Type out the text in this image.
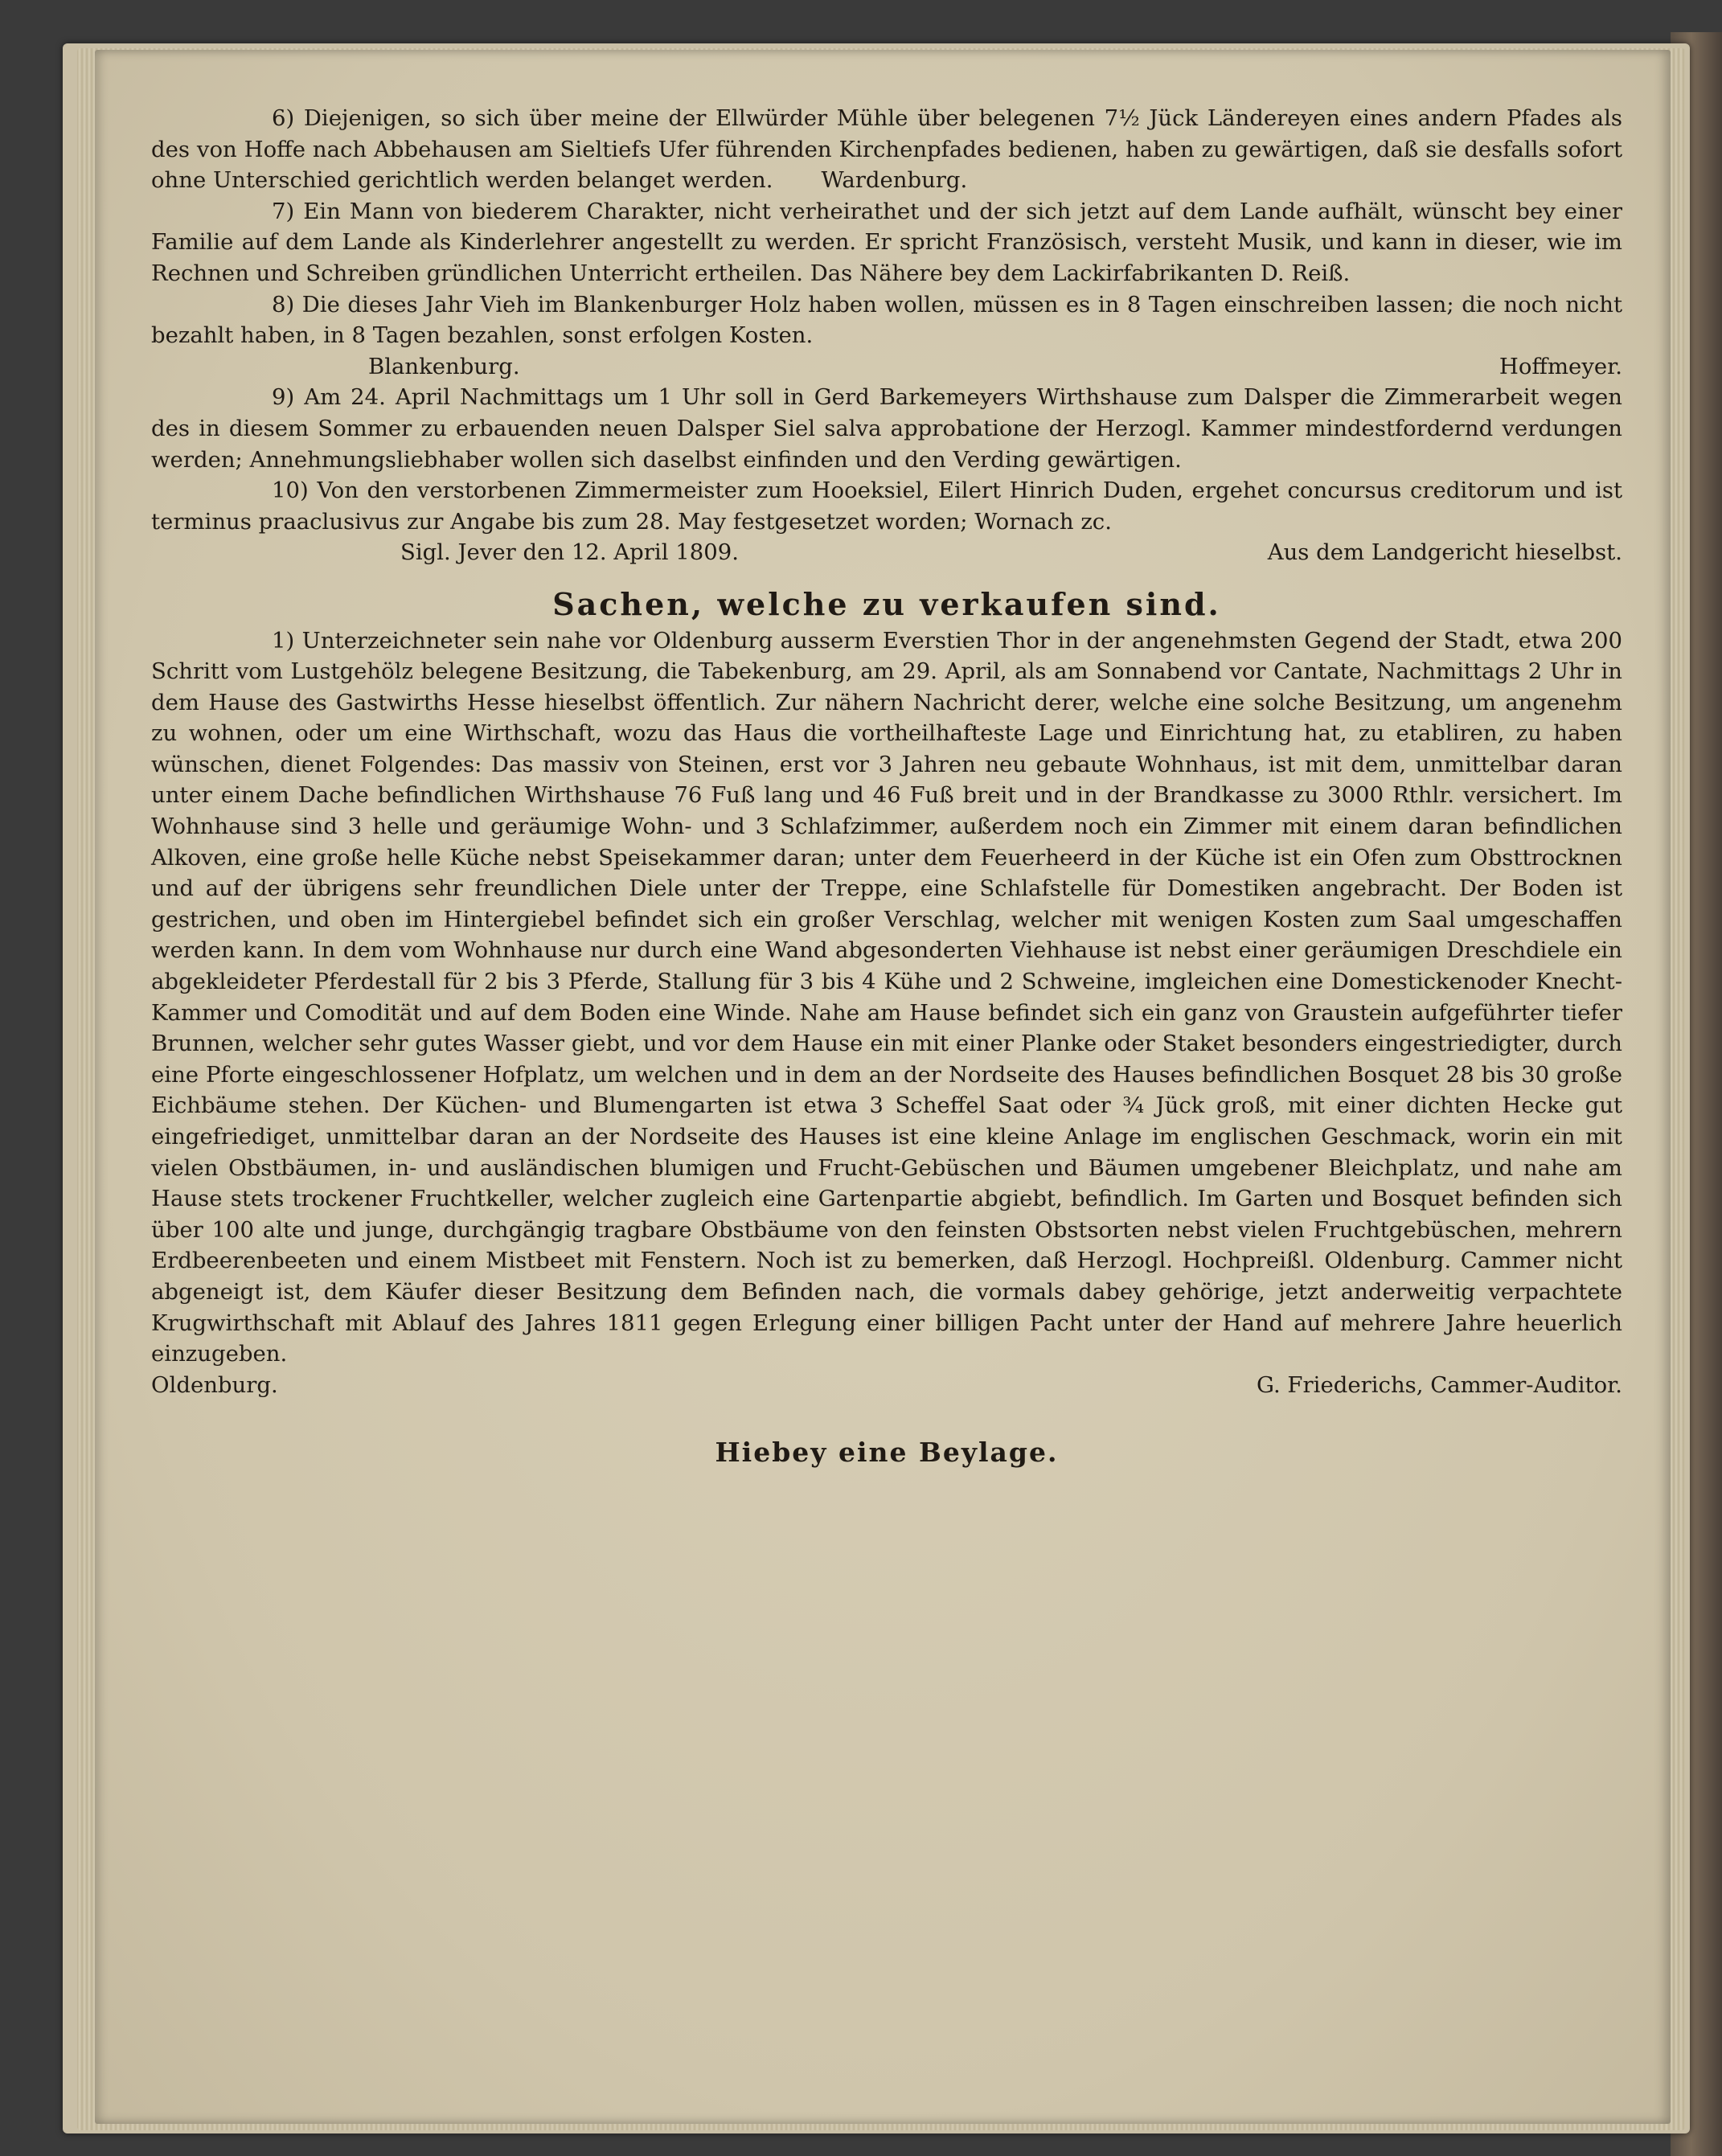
6) Diejenigen, so sich über meine der Ellwürder Mühle über belegenen 7½ Jück Ländereyen eines andern Pfades als des von Hoffe nach Abbehausen am Sieltiefs Ufer führenden Kirchenpfades bedienen, haben zu gewärtigen, daß sie desfalls sofort ohne Unterschied gerichtlich werden belanget werden. Wardenburg.

7) Ein Mann von biederem Charakter, nicht verheirathet und der sich jetzt auf dem Lande aufhält, wünscht bey einer Familie auf dem Lande als Kinderlehrer angestellt zu werden. Er spricht Französisch, versteht Musik, und kann in dieser, wie im Rechnen und Schreiben gründlichen Unterricht ertheilen. Das Nähere bey dem Lackirfabrikanten D. Reiß.

8) Die dieses Jahr Vieh im Blankenburger Holz haben wollen, müssen es in 8 Tagen einschreiben lassen; die noch nicht bezahlt haben, in 8 Tagen bezahlen, sonst erfolgen Kosten.

Blankenburg.	Hoffmeyer.

9) Am 24. April Nachmittags um 1 Uhr soll in Gerd Barkemeyers Wirthshause zum Dalsper die Zimmerarbeit wegen des in diesem Sommer zu erbauenden neuen Dalsper Siel salva approbatione der Herzogl. Kammer mindestfordernd verdungen werden; Annehmungsliebhaber wollen sich daselbst einfinden und den Verding gewärtigen.

10) Von den verstorbenen Zimmermeister zum Hooeksiel, Eilert Hinrich Duden, ergehet concursus creditorum und ist terminus praaclusivus zur Angabe bis zum 28. May festgesetzet worden; Wornach zc.

Sigl. Jever den 12. April 1809.	Aus dem Landgericht hieselbst.
Sachen, welche zu verkaufen sind.

1) Unterzeichneter sein nahe vor Oldenburg ausserm Everstien Thor in der angenehmsten Gegend der Stadt, etwa 200 Schritt vom Lustgehölz belegene Besitzung, die Tabekenburg, am 29. April, als am Sonnabend vor Cantate, Nachmittags 2 Uhr in dem Hause des Gastwirths Hesse hieselbst öffentlich. Zur nähern Nachricht derer, welche eine solche Besitzung, um angenehm zu wohnen, oder um eine Wirthschaft, wozu das Haus die vortheilhafteste Lage und Einrichtung hat, zu etabliren, zu haben wünschen, dienet Folgendes: Das massiv von Steinen, erst vor 3 Jahren neu gebaute Wohnhaus, ist mit dem, unmittelbar daran unter einem Dache befindlichen Wirthshause 76 Fuß lang und 46 Fuß breit und in der Brandkasse zu 3000 Rthlr. versichert. Im Wohnhause sind 3 helle und geräumige Wohn- und 3 Schlafzimmer, außerdem noch ein Zimmer mit einem daran befindlichen Alkoven, eine große helle Küche nebst Speisekammer daran; unter dem Feuerheerd in der Küche ist ein Ofen zum Obsttrocknen und auf der übrigens sehr freundlichen Diele unter der Treppe, eine Schlafstelle für Domestiken angebracht. Der Boden ist gestrichen, und oben im Hintergiebel befindet sich ein großer Verschlag, welcher mit wenigen Kosten zum Saal umgeschaffen werden kann. In dem vom Wohnhause nur durch eine Wand abgesonderten Viehhause ist nebst einer geräumigen Dreschdiele ein abgekleideter Pferdestall für 2 bis 3 Pferde, Stallung für 3 bis 4 Kühe und 2 Schweine, imgleichen eine Domestickenoder Knecht-Kammer und Comodität und auf dem Boden eine Winde. Nahe am Hause befindet sich ein ganz von Graustein aufgeführter tiefer Brunnen, welcher sehr gutes Wasser giebt, und vor dem Hause ein mit einer Planke oder Staket besonders eingestriedigter, durch eine Pforte eingeschlossener Hofplatz, um welchen und in dem an der Nordseite des Hauses befindlichen Bosquet 28 bis 30 große Eichbäume stehen. Der Küchen- und Blumengarten ist etwa 3 Scheffel Saat oder ¾ Jück groß, mit einer dichten Hecke gut eingefriediget, unmittelbar daran an der Nordseite des Hauses ist eine kleine Anlage im englischen Geschmack, worin ein mit vielen Obstbäumen, in- und ausländischen blumigen und Frucht-Gebüschen und Bäumen umgebener Bleichplatz, und nahe am Hause stets trockener Fruchtkeller, welcher zugleich eine Gartenpartie abgiebt, befindlich. Im Garten und Bosquet befinden sich über 100 alte und junge, durchgängig tragbare Obstbäume von den feinsten Obstsorten nebst vielen Fruchtgebüschen, mehrern Erdbeerenbeeten und einem Mistbeet mit Fenstern. Noch ist zu bemerken, daß Herzogl. Hochpreißl. Oldenburg. Cammer nicht abgeneigt ist, dem Käufer dieser Besitzung dem Befinden nach, die vormals dabey gehörige, jetzt anderweitig verpachtete Krugwirthschaft mit Ablauf des Jahres 1811 gegen Erlegung einer billigen Pacht unter der Hand auf mehrere Jahre heuerlich einzugeben.

Oldenburg.	G. Friederichs, Cammer-Auditor.
Hiebey eine Beylage.
